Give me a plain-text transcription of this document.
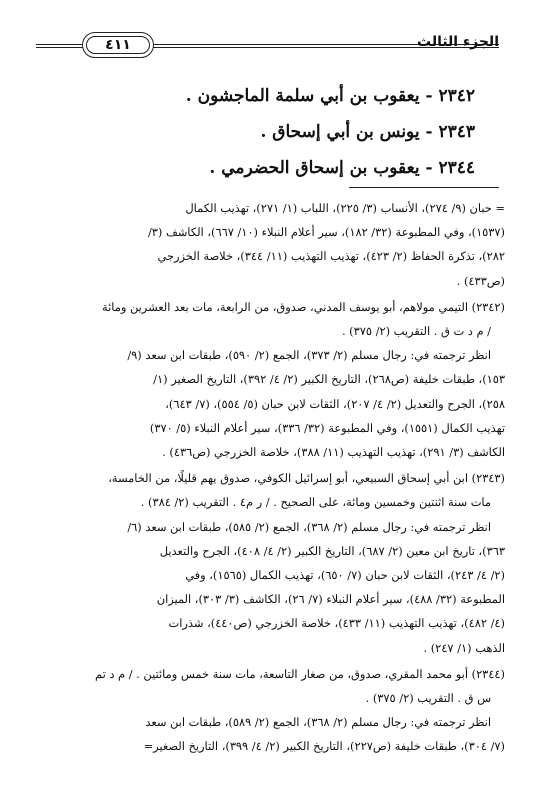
الجزء الثالث
٤١١
٢٣٤٢ - يعقوب بن أبي سلمة الماجشون .
٢٣٤٣ - يونس بن أبي إسحاق .
٢٣٤٤ - يعقوب بن إسحاق الحضرمي .
= حبان (٩/ ٢٧٤)، الأنساب (٣/ ٢٢٥)، اللباب (١/ ٢٧١)، تهذيب الكمال
(١٥٣٧)، وفي المطبوعة (٣٢/ ١٨٢)، سير أعلام النبلاء (١٠/ ٦٦٧)، الكاشف (٣/
٢٨٢)، تذكرة الحفاظ (٢/ ٤٢٣)، تهذيب التهذيب (١١/ ٣٤٤)، خلاصة الخزرجي
(ص٤٣٣) .
(٢٣٤٢) التيمي مولاهم، أبو يوسف المدني، صدوق، من الرابعة، مات بعد العشرين ومائة
/ م د ت ق . التقريب (٢/ ٣٧٥) .
انظر ترجمته في: رجال مسلم (٢/ ٣٧٣)، الجمع (٢/ ٥٩٠)، طبقات ابن سعد (٩/
١٥٣)، طبقات خليفة (ص٢٦٨)، التاريخ الكبير (٢/ ٤/ ٣٩٢)، التاريخ الصغير (١/
٢٥٨)، الجرح والتعديل (٢/ ٤/ ٢٠٧)، الثقات لابن حبان (٥/ ٥٥٤)، (٧/ ٦٤٣)،
تهذيب الكمال (١٥٥١)، وفي المطبوعة (٣٢/ ٣٣٦)، سير أعلام النبلاء (٥/ ٣٧٠)
الكاشف (٣/ ٢٩١)، تهذيب التهذيب (١١/ ٣٨٨)، خلاصة الخزرجي (ص٤٣٦) .
(٢٣٤٣) ابن أبي إسحاق السبيعي، أبو إسرائيل الكوفي، صدوق يهم قليلًا، من الخامسة،
مات سنة اثنتين وخمسين ومائة، على الصحيح . / ر م٤ . التقريب (٢/ ٣٨٤) .
انظر ترجمته في: رجال مسلم (٢/ ٣٦٨)، الجمع (٢/ ٥٨٥)، طبقات ابن سعد (٦/
٣٦٣)، تاريخ ابن معين (٢/ ٦٨٧)، التاريخ الكبير (٢/ ٤/ ٤٠٨)، الجرح والتعديل
(٢/ ٤/ ٢٤٣)، الثقات لابن حبان (٧/ ٦٥٠)، تهذيب الكمال (١٥٦٥)، وفي
المطبوعة (٣٢/ ٤٨٨)، سير أعلام النبلاء (٧/ ٢٦)، الكاشف (٣/ ٣٠٣)، الميزان
(٤/ ٤٨٢)، تهذيب التهذيب (١١/ ٤٣٣)، خلاصة الخزرجي (ص٤٤٠)، شذرات
الذهب (١/ ٢٤٧) .
(٢٣٤٤) أبو محمد المقري، صدوق، من صغار التاسعة، مات سنة خمس ومائتين . / م د تم
س ق . التقريب (٢/ ٣٧٥) .
انظر ترجمته في: رجال مسلم (٢/ ٣٦٨)، الجمع (٢/ ٥٨٩)، طبقات ابن سعد
(٧/ ٣٠٤)، طبقات خليفة (ص٢٢٧)، التاريخ الكبير (٢/ ٤/ ٣٩٩)، التاريخ الصغير=
